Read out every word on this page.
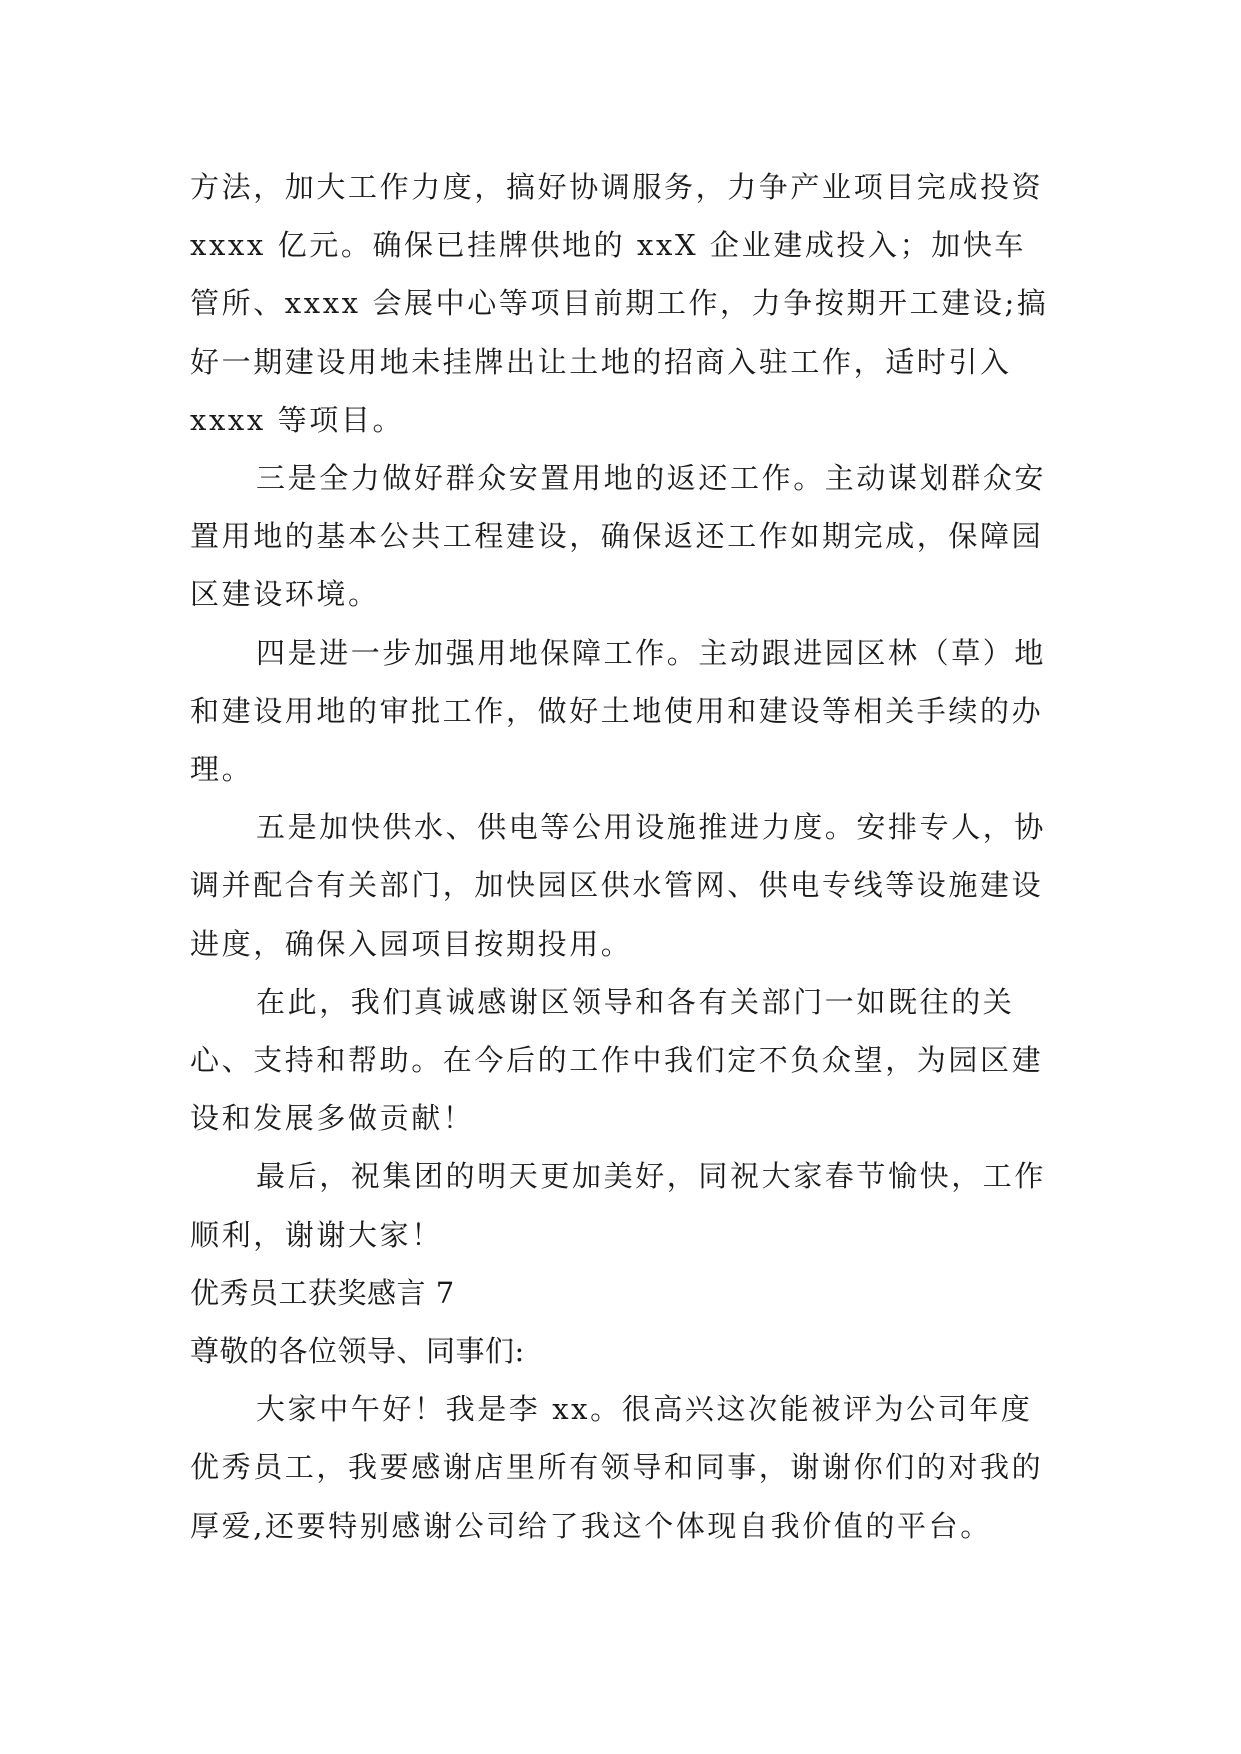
方法，加大工作力度，搞好协调服务，力争产业项目完成投资 xxxx 亿元。确保已挂牌供地的 xxX 企业建成投入；加快车管所、xxxx 会展中心等项目前期工作，力争按期开工建设;搞好一期建设用地未挂牌出让土地的招商入驻工作，适时引入 xxxx 等项目。

三是全力做好群众安置用地的返还工作。主动谋划群众安置用地的基本公共工程建设，确保返还工作如期完成，保障园区建设环境。

四是进一步加强用地保障工作。主动跟进园区林（草）地和建设用地的审批工作，做好土地使用和建设等相关手续的办理。

五是加快供水、供电等公用设施推进力度。安排专人，协调并配合有关部门，加快园区供水管网、供电专线等设施建设进度，确保入园项目按期投用。

在此，我们真诚感谢区领导和各有关部门一如既往的关心、支持和帮助。在今后的工作中我们定不负众望，为园区建设和发展多做贡献！

最后，祝集团的明天更加美好，同祝大家春节愉快，工作顺利，谢谢大家！

优秀员工获奖感言 7

尊敬的各位领导、同事们:

大家中午好！我是李 xx。很高兴这次能被评为公司年度优秀员工，我要感谢店里所有领导和同事，谢谢你们的对我的厚爱,还要特别感谢公司给了我这个体现自我价值的平台。
